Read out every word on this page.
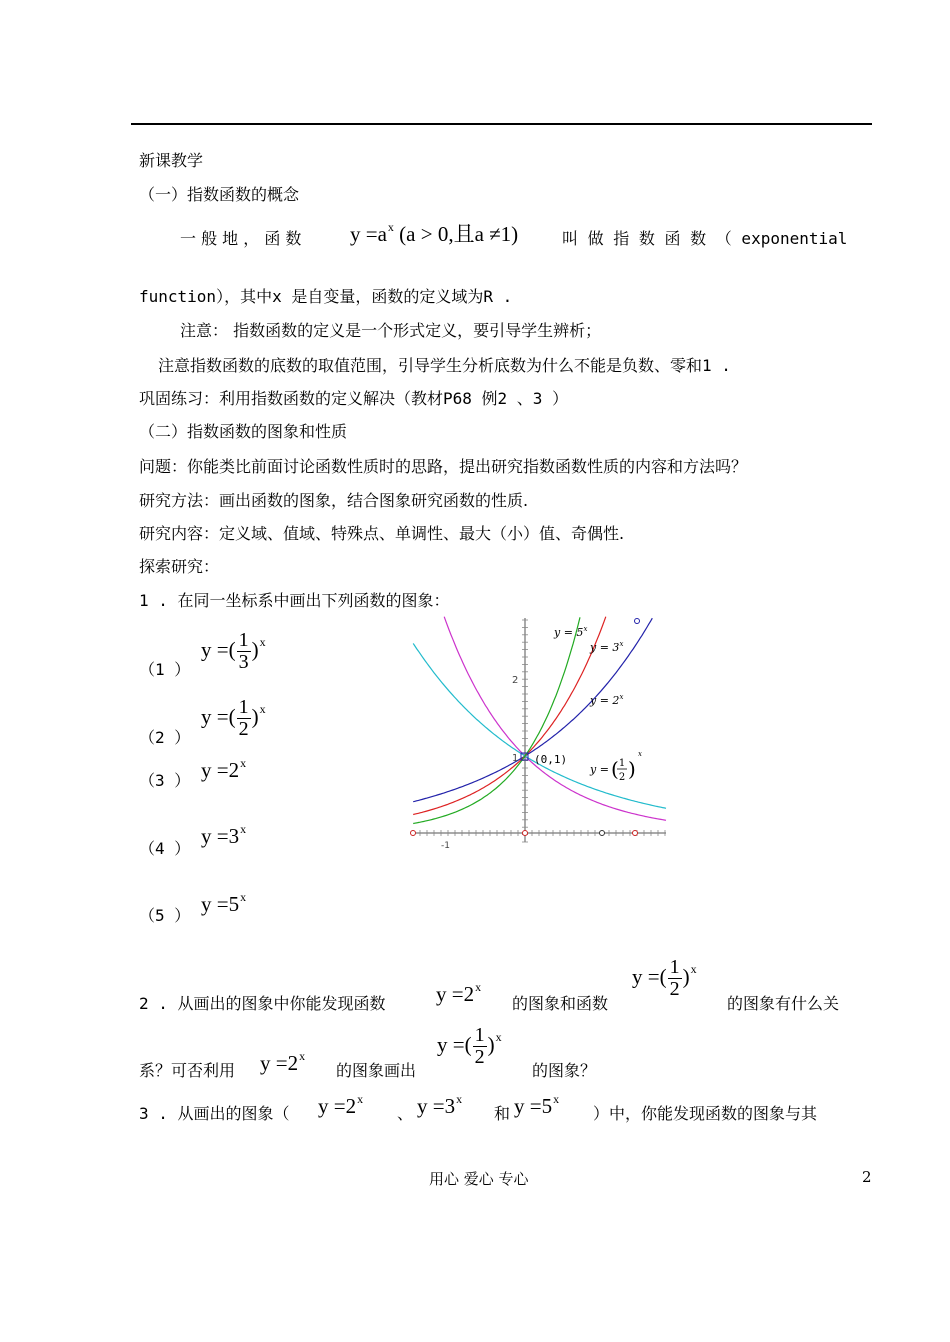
新课教学
（一）指数函数的概念
一 般 地 ， 函 数 $y =a^x$ (a > 0,且a ≠1)	叫 做 指 数 函 数 （ exponential
function），其中x 是自变量，函数的定义域为R .
注意： 指数函数的定义是一个形式定义，要引导学生辨析；
注意指数函数的底数的取值范围，引导学生分析底数为什么不能是负数、零和1 .
巩固练习：利用指数函数的定义解决（教材P68 例2 、3 ）
（二）指数函数的图象和性质
问题：你能类比前面讨论函数性质时的思路，提出研究指数函数性质的内容和方法吗？
研究方法：画出函数的图象，结合图象研究函数的性质.
研究内容：定义域、值域、特殊点、单调性、最大（小）值、奇偶性.
探索研究：
1 . 在同一坐标系中画出下列函数的图象：
（1 ）
y =( $\frac{1}{3} )^x$
（2 ）
y =( $\frac{1}{2} )^x$
（3 ） $y =2^x$
（4 ）
$y =3^x$
（5 ） $y =5^x$
$y = 5^x$
$y = 3^x$
$y = 2^x$
y = ( 1
2 )
x
(0,1)
1
2
-1
2 . 从画出的图象中你能发现函数 $y =2^x$
的图象和函数
y =( $\frac{1}{2} )^x$
的图象有什么关
系？可否利用 $y =2^x$
的图象画出
y =( $\frac{1}{2} )^x$
的图象？
3 . 从画出的图象（ $y =2^x$
、 $y =3^x$
和 $y =5^x$
）中，你能发现函数的图象与其
用心 爱心 专心	2
